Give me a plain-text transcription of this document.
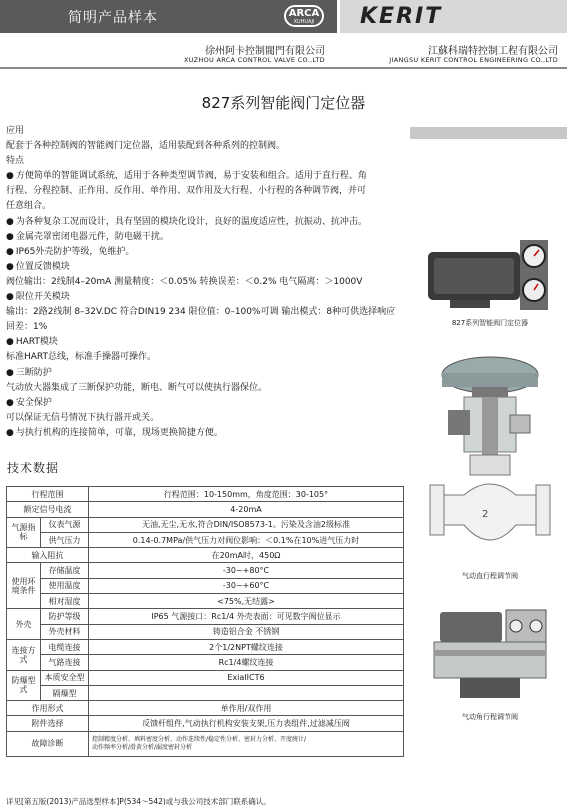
简明产品样本	ARCA
XUHUAJI	KERIT
徐州阿卡控制閥門有限公司
XUZHOU ARCA CONTROL VALVE CO.,LTD
江蘇科瑞特控制工程有限公司
JIANGSU KERIT CONTROL ENGINEERING CO.,LTD
827系列智能阀门定位器

应用

配套于各种控制阀的智能阀门定位器，适用装配到各种系列的控制阀。

特点

● 方便简单的智能调试系统，适用于各种类型调节阀，易于安装和组合。适用于直行程、角

行程、分程控制、正作用、反作用、单作用、双作用及大行程、小行程的各种调节阀，并可

任意组合。

● 为各种复杂工况而设计，具有坚固的模块化设计，良好的温度适应性，抗振动、抗冲击。

● 金属壳罩密闭电器元件，防电磁干扰。

● IP65外壳防护等级，免维护。

● 位置反馈模块

阀位输出：2线制4–20mA 测量精度：＜0.05% 转换误差：＜0.2% 电气隔离：＞1000V

● 限位开关模块

输出：2路2线制 8–32V.DC 符合DIN19 234 限位值：0–100%可调 输出模式：8种可供选择响应

回差：1%

● HART模块

标准HART总线，标准手操器可操作。

● 三断防护

气动放大器集成了三断保护功能，断电、断气可以使执行器保位。

● 安全保护

可以保证无信号情况下执行器开或关。

● 与执行机构的连接简单，可靠，现场更换简捷方便。

827系列智能阀门定位器
2
气动直行程调节阀
气动角行程调节阀
技术数据
行程范围		行程范围：10-150mm，角度范围：30-105°
额定信号电流		4-20mA
气源指标	仪表气源	无油,无尘,无水,符合DIN/ISO8573-1。污染及含油2级标准
	供气压力	0.14-0.7MPa/供气压力对阀位影响：＜0.1%在10%进气压力时
输入阻抗		在20mA时，450Ω
使用环境条件	存储温度	-30~+80°C
	使用温度	-30~+60°C
	相对湿度	<75%,无结露>
外壳	防护等级	IP65 气源接口：Rc1/4 外壳表面：可见数字阀位显示
	外壳材料	铸造铝合金 不锈钢
连接方式	电缆连接	2个1/2NPT螺纹连接
	气路连接	Rc1/4螺纹连接
防爆型式	本质安全型	ExiaIICT6
	隔爆型	
作用形式		单作用/双作用
附件选择		反馈杆组件,气动执行机构安装支架,压力表组件,过滤减压阀
故障诊断		控制精度分析、填料密度分析、动作连续性/稳定性分析、密封力分析、开度统计/
动作频率分析/滑黄分析/漏度密封分析
详见[第五版(2013)产品选型样本]P(534～542)或与我公司技术部门联系确认。
